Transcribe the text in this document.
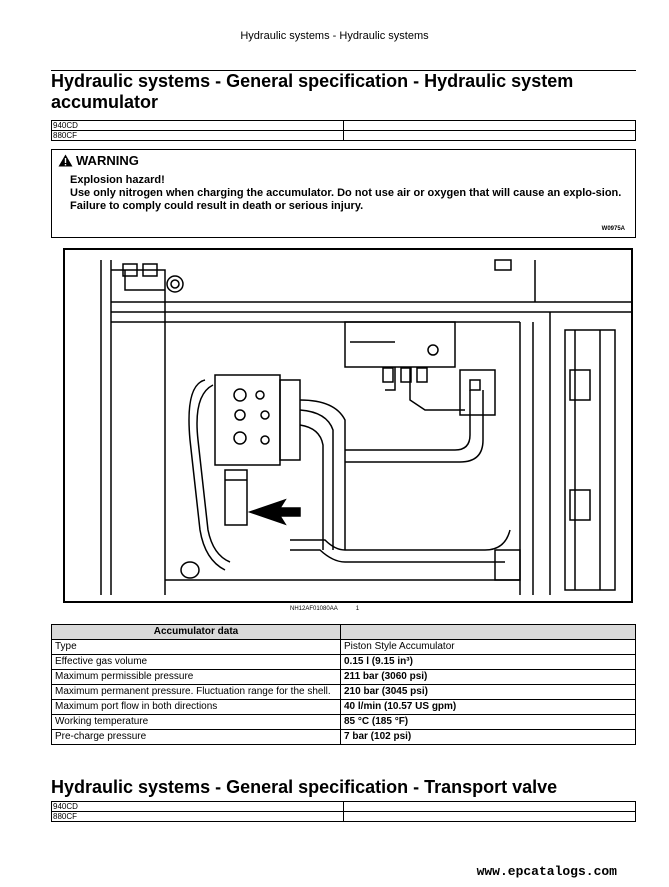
Hydraulic systems - Hydraulic systems
Hydraulic systems - General specification - Hydraulic system accumulator
940CD	
880CF	
WARNING
Explosion hazard!
Use only nitrogen when charging the accumulator. Do not use air or oxygen that will cause an explo-sion.
Failure to comply could result in death or serious injury.
W0975A
NH12AF01080AA	1
Accumulator data	
Type	Piston Style Accumulator
Effective gas volume	0.15 l (9.15 in³)
Maximum permissible pressure	211 bar (3060 psi)
Maximum permanent pressure. Fluctuation range for the shell.	210 bar (3045 psi)
Maximum port flow in both directions	40 l/min (10.57 US gpm)
Working temperature	85 °C (185 °F)
Pre-charge pressure	7 bar (102 psi)
Hydraulic systems - General specification - Transport valve
940CD	
880CF	
www.epcatalogs.com
